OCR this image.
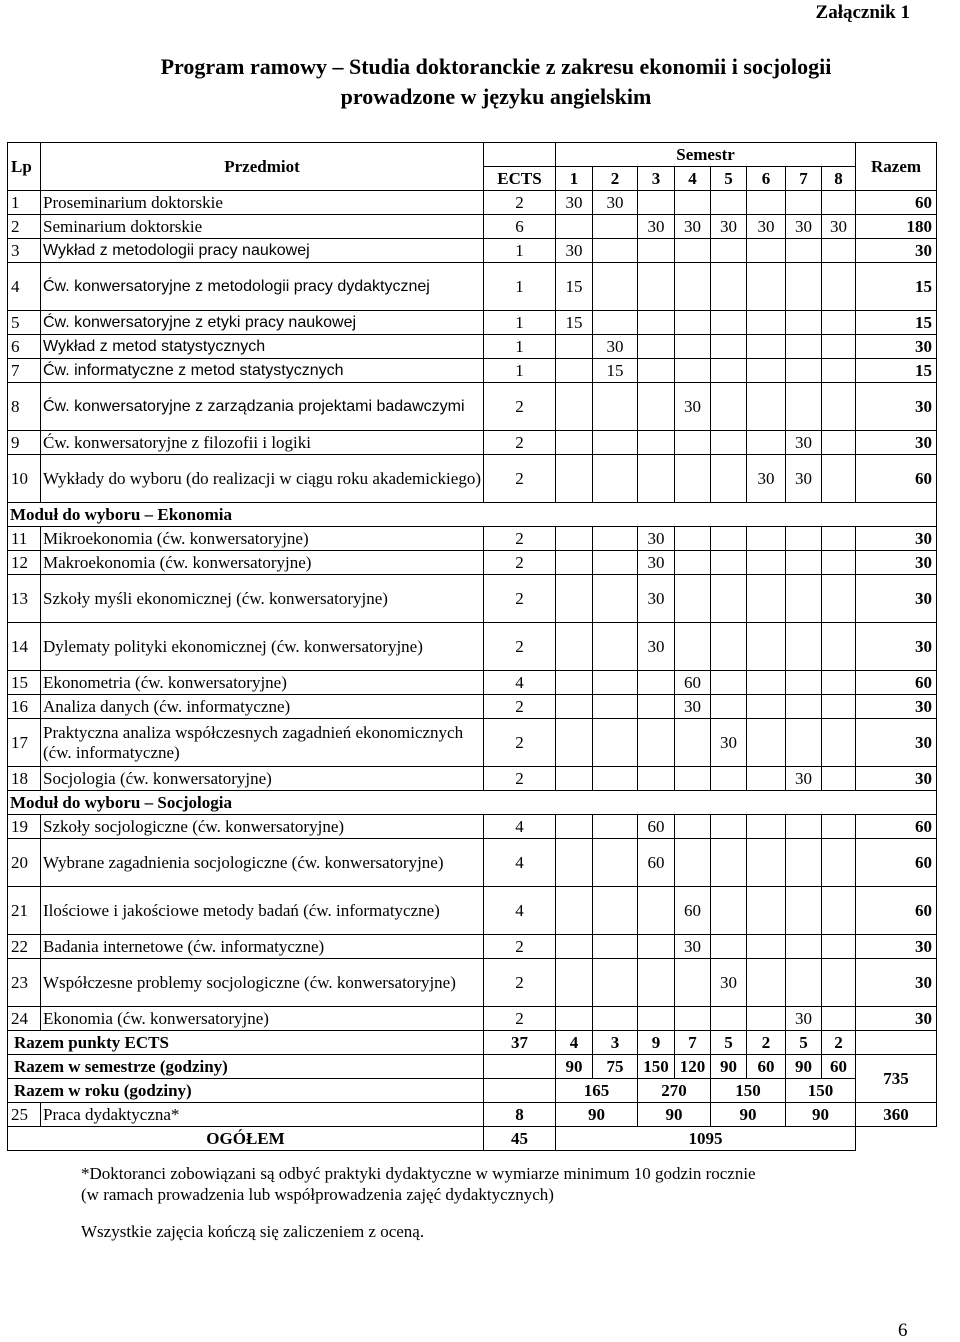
Załącznik 1
Program ramowy – Studia doktoranckie z zakresu ekonomii i socjologii
prowadzone w języku angielskim
Lp	Przedmiot		Semestr								Razem
		ECTS	1	2	3	4	5	6	7	8	
1	Proseminarium doktorskie	2	30	30							60
2	Seminarium doktorskie	6			30	30	30	30	30	30	180
3	Wykład z metodologii pracy naukowej	1	30								30
4	Ćw. konwersatoryjne z metodologii pracy dydaktycznej	1	15								15
5	Ćw. konwersatoryjne z etyki pracy naukowej	1	15								15
6	Wykład z metod statystycznych	1		30							30
7	Ćw. informatyczne z metod statystycznych	1		15							15
8	Ćw. konwersatoryjne z zarządzania projektami badawczymi	2				30					30
9	Ćw. konwersatoryjne z filozofii i logiki	2							30		30
10	Wykłady do wyboru (do realizacji w ciągu roku akademickiego)	2						30	30		60
Moduł do wyboru – Ekonomia											
11	Mikroekonomia (ćw. konwersatoryjne)	2			30						30
12	Makroekonomia (ćw. konwersatoryjne)	2			30						30
13	Szkoły myśli ekonomicznej (ćw. konwersatoryjne)	2			30						30
14	Dylematy polityki ekonomicznej (ćw. konwersatoryjne)	2			30						30
15	Ekonometria (ćw. konwersatoryjne)	4				60					60
16	Analiza danych (ćw. informatyczne)	2				30					30
17	Praktyczna analiza współczesnych zagadnień ekonomicznych (ćw. informatyczne)	2					30				30
18	Socjologia (ćw. konwersatoryjne)	2							30		30
Moduł do wyboru – Socjologia											
19	Szkoły socjologiczne (ćw. konwersatoryjne)	4			60						60
20	Wybrane zagadnienia socjologiczne (ćw. konwersatoryjne)	4			60						60
21	Ilościowe i jakościowe metody badań (ćw. informatyczne)	4				60					60
22	Badania internetowe (ćw. informatyczne)	2				30					30
23	Współczesne problemy socjologiczne (ćw. konwersatoryjne)	2					30				30
24	Ekonomia (ćw. konwersatoryjne)	2							30		30
Razem punkty ECTS		37	4	3	9	7	5	2	5	2	
Razem w semestrze (godziny)			90	75	150	120	90	60	90	60	735
Razem w roku (godziny)			165		270		150		150		
25	Praca dydaktyczna*	8	90		90		90		90		360
OGÓŁEM		45	1095								
*Doktoranci zobowiązani są odbyć praktyki dydaktyczne w wymiarze minimum 10 godzin rocznie
(w ramach prowadzenia lub współprowadzenia zajęć dydaktycznych)
Wszystkie zajęcia kończą się zaliczeniem z oceną.
6
